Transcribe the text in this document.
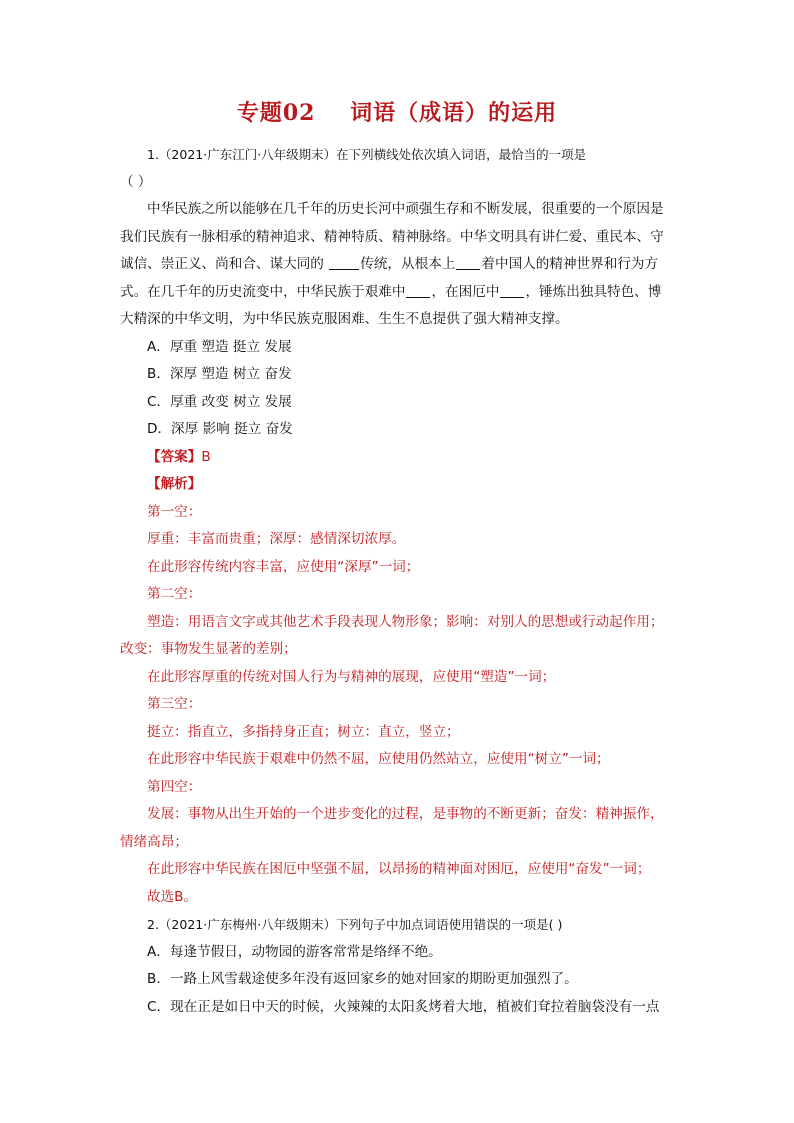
专题02    词语（成语）的运用
1.（2021·广东江门·八年级期末）在下列横线处依次填入词语，最恰当的一项是
（ ）
中华民族之所以能够在几千年的历史长河中顽强生存和不断发展，很重要的一个原因是
我们民族有一脉相承的精神追求、精神特质、精神脉络。中华文明具有讲仁爱、重民本、守
诚信、崇正义、尚和合、谋大同的 传统，从根本上 着中国人的精神世界和行为方
式。在几千年的历史流变中，中华民族于艰难中 ，在困厄中 ，锤炼出独具特色、博
大精深的中华文明，为中华民族克服困难、生生不息提供了强大精神支撑。
A．厚重 塑造 挺立 发展
B．深厚 塑造 树立 奋发
C．厚重 改变 树立 发展
D．深厚 影响 挺立 奋发
【答案】B
【解析】
第一空：
厚重：丰富而贵重；深厚：感情深切浓厚。
在此形容传统内容丰富，应使用“深厚”一词；
第二空：
塑造：用语言文字或其他艺术手段表现人物形象；影响：对别人的思想或行动起作用；
改变：事物发生显著的差别；
在此形容厚重的传统对国人行为与精神的展现，应使用“塑造”一词；
第三空：
挺立：指直立，多指持身正直；树立：直立，竖立；
在此形容中华民族于艰难中仍然不屈，应使用仍然站立，应使用“树立”一词；
第四空：
发展：事物从出生开始的一个进步变化的过程，是事物的不断更新；奋发：精神振作，
情绪高昂；
在此形容中华民族在困厄中坚强不屈，以昂扬的精神面对困厄，应使用“奋发”一词；
故选B。
2.（2021·广东梅州·八年级期末）下列句子中加点词语使用错误的一项是( )
A．每逢节假日，动物园的游客常常是络绎不绝。
B．一路上风雪载途使多年没有返回家乡的她对回家的期盼更加强烈了。
C．现在正是如日中天的时候，火辣辣的太阳炙烤着大地，植被们耷拉着脑袋没有一点
